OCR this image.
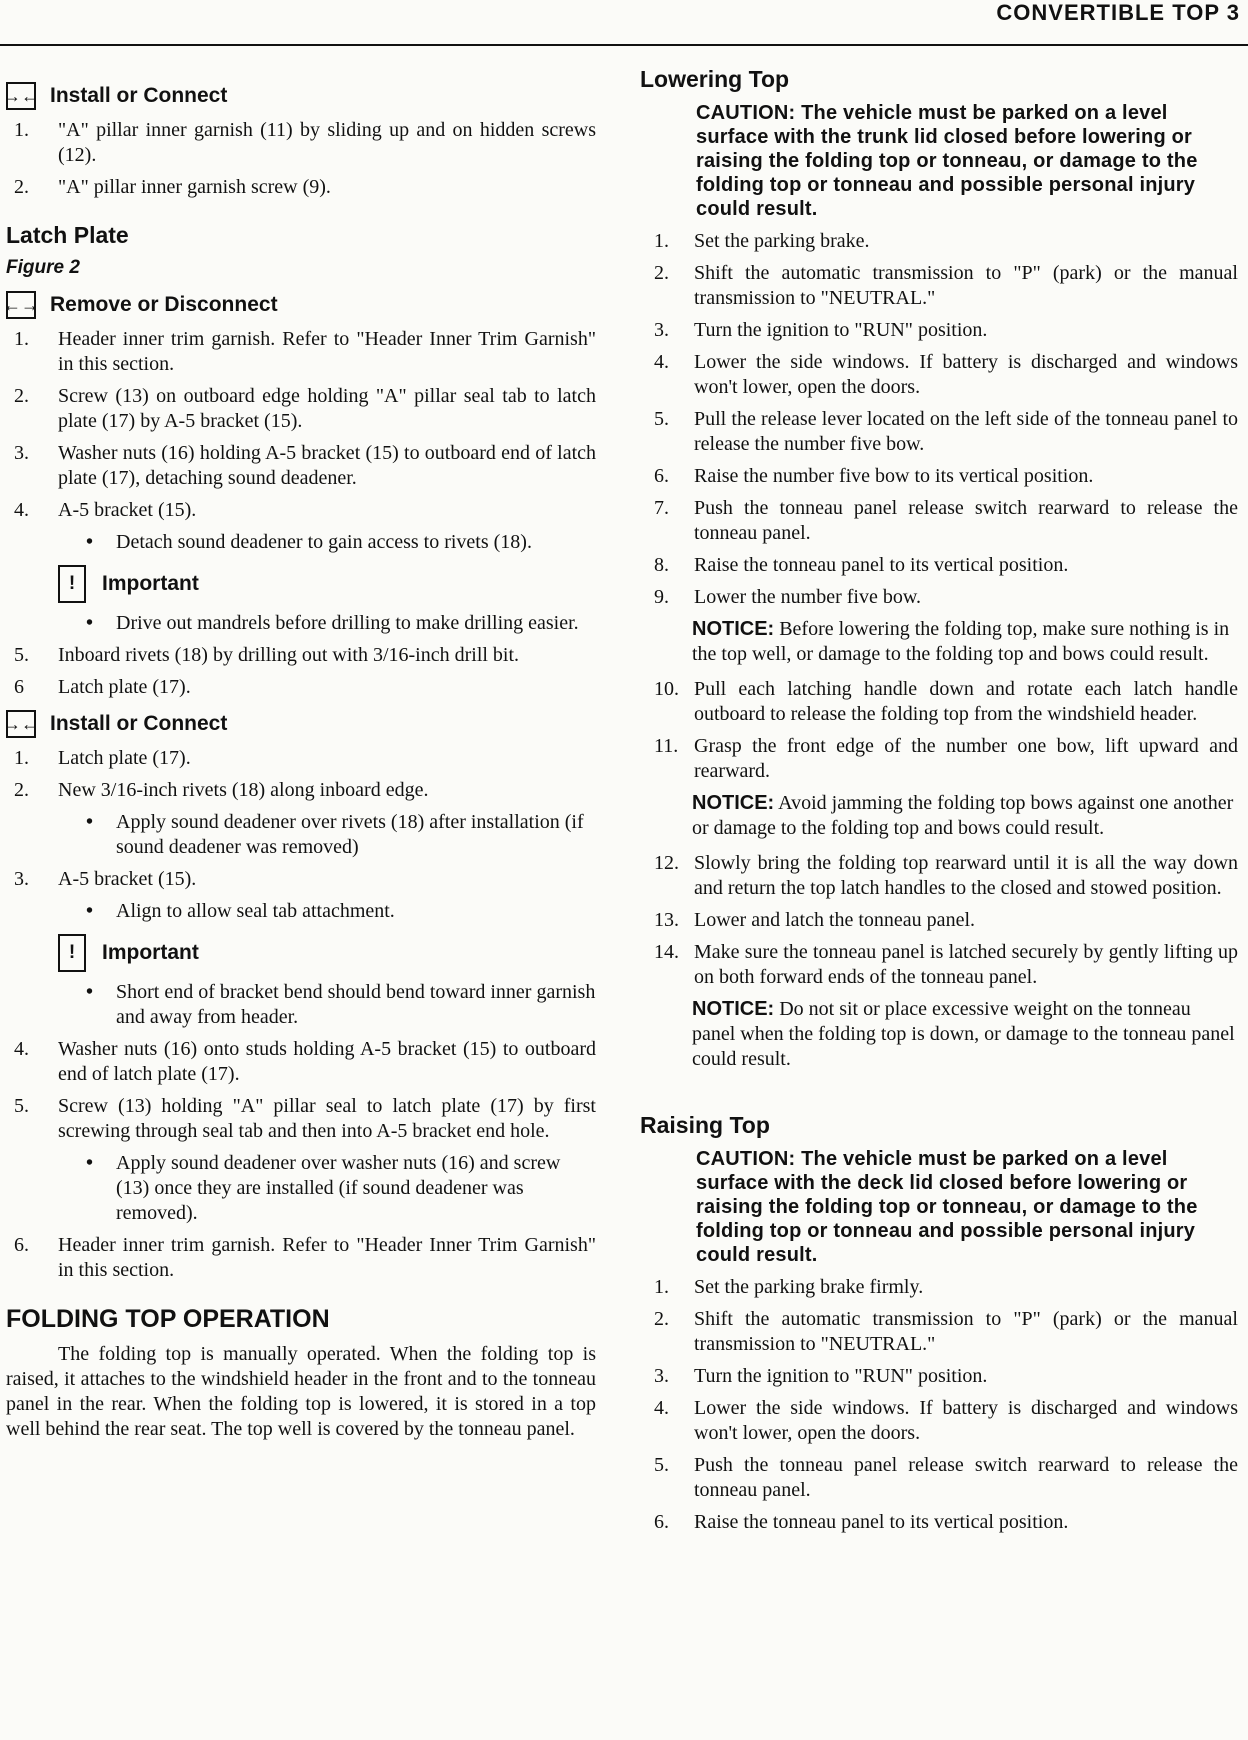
CONVERTIBLE TOP 3
→← Install or Connect
1.	"A" pillar inner garnish (11) by sliding up and on hidden screws (12).
2.	"A" pillar inner garnish screw (9).
Latch Plate
Figure 2
←→ Remove or Disconnect
1.	Header inner trim garnish. Refer to "Header Inner Trim Garnish" in this section.
2.	Screw (13) on outboard edge holding "A" pillar seal tab to latch plate (17) by A-5 bracket (15).
3.	Washer nuts (16) holding A-5 bracket (15) to outboard end of latch plate (17), detaching sound deadener.
4.	A-5 bracket (15).
•	Detach sound deadener to gain access to rivets (18).
!	Important
•	Drive out mandrels before drilling to make drilling easier.
5.	Inboard rivets (18) by drilling out with 3/16-inch drill bit.
6	Latch plate (17).
→← Install or Connect
1.	Latch plate (17).
2.	New 3/16-inch rivets (18) along inboard edge.
•	Apply sound deadener over rivets (18) after installation (if sound deadener was removed)
3.	A-5 bracket (15).
•	Align to allow seal tab attachment.
!	Important
•	Short end of bracket bend should bend toward inner garnish and away from header.
4.	Washer nuts (16) onto studs holding A-5 bracket (15) to outboard end of latch plate (17).
5.	Screw (13) holding "A" pillar seal to latch plate (17) by first screwing through seal tab and then into A-5 bracket end hole.
•	Apply sound deadener over washer nuts (16) and screw (13) once they are installed (if sound deadener was removed).
6.	Header inner trim garnish. Refer to "Header Inner Trim Garnish" in this section.
FOLDING TOP OPERATION

The folding top is manually operated. When the folding top is raised, it attaches to the windshield header in the front and to the tonneau panel in the rear. When the folding top is lowered, it is stored in a top well behind the rear seat. The top well is covered by the tonneau panel.

Lowering Top
CAUTION: The vehicle must be parked on a level surface with the trunk lid closed before lowering or raising the folding top or tonneau, or damage to the folding top or tonneau and possible personal injury could result.
1.	Set the parking brake.
2.	Shift the automatic transmission to "P" (park) or the manual transmission to "NEUTRAL."
3.	Turn the ignition to "RUN" position.
4.	Lower the side windows. If battery is discharged and windows won't lower, open the doors.
5.	Pull the release lever located on the left side of the tonneau panel to release the number five bow.
6.	Raise the number five bow to its vertical position.
7.	Push the tonneau panel release switch rearward to release the tonneau panel.
8.	Raise the tonneau panel to its vertical position.
9.	Lower the number five bow.
NOTICE: Before lowering the folding top, make sure nothing is in the top well, or damage to the folding top and bows could result.
10. Pull each latching handle down and rotate each latch handle outboard to release the folding top from the windshield header.
11. Grasp the front edge of the number one bow, lift upward and rearward.
NOTICE: Avoid jamming the folding top bows against one another or damage to the folding top and bows could result.
12. Slowly bring the folding top rearward until it is all the way down and return the top latch handles to the closed and stowed position.
13. Lower and latch the tonneau panel.
14. Make sure the tonneau panel is latched securely by gently lifting up on both forward ends of the tonneau panel.
NOTICE: Do not sit or place excessive weight on the tonneau panel when the folding top is down, or damage to the tonneau panel could result.
Raising Top
CAUTION: The vehicle must be parked on a level surface with the deck lid closed before lowering or raising the folding top or tonneau, or damage to the folding top or tonneau and possible personal injury could result.
1.	Set the parking brake firmly.
2.	Shift the automatic transmission to "P" (park) or the manual transmission to "NEUTRAL."
3.	Turn the ignition to "RUN" position.
4.	Lower the side windows. If battery is discharged and windows won't lower, open the doors.
5.	Push the tonneau panel release switch rearward to release the tonneau panel.
6.	Raise the tonneau panel to its vertical position.
